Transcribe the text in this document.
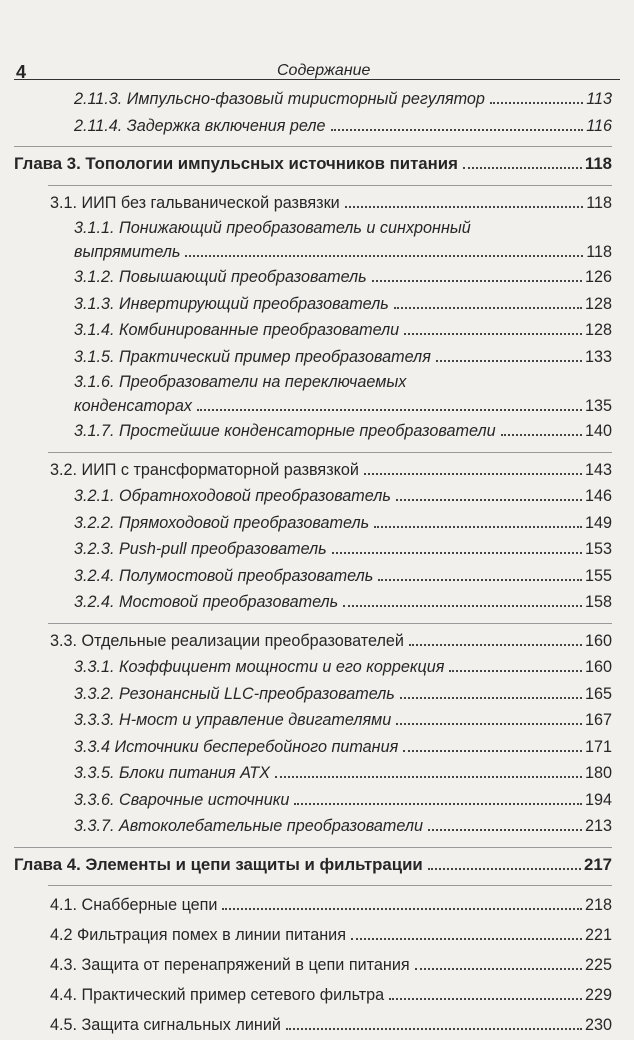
4	Содержание
2.11.3. Импульсно-фазовый тиристорный регулятор	113
2.11.4. Задержка включения реле	116
Глава 3. Топологии импульсных источников питания	118
3.1. ИИП без гальванической развязки	118
3.1.1. Понижающий преобразователь и синхронный
выпрямитель	118
3.1.2. Повышающий преобразователь	126
3.1.3. Инвертирующий преобразователь	128
3.1.4. Комбинированные преобразователи	128
3.1.5. Практический пример преобразователя	133
3.1.6. Преобразователи на переключаемых
конденсаторах	135
3.1.7. Простейшие конденсаторные преобразователи	140
3.2. ИИП с трансформаторной развязкой	143
3.2.1. Обратноходовой преобразователь	146
3.2.2. Прямоходовой преобразователь	149
3.2.3. Push-pull преобразователь	153
3.2.4. Полумостовой преобразователь	155
3.2.4. Мостовой преобразователь	158
3.3. Отдельные реализации преобразователей	160
3.3.1. Коэффициент мощности и его коррекция	160
3.3.2. Резонансный LLC-преобразователь	165
3.3.3. Н-мост и управление двигателями	167
3.3.4 Источники бесперебойного питания	171
3.3.5. Блоки питания АТХ	180
3.3.6. Сварочные источники	194
3.3.7. Автоколебательные преобразователи	213
Глава 4. Элементы и цепи защиты и фильтрации	217
4.1. Снабберные цепи	218
4.2 Фильтрация помех в линии питания	221
4.3. Защита от перенапряжений в цепи питания	225
4.4. Практический пример сетевого фильтра	229
4.5. Защита сигнальных линий	230
